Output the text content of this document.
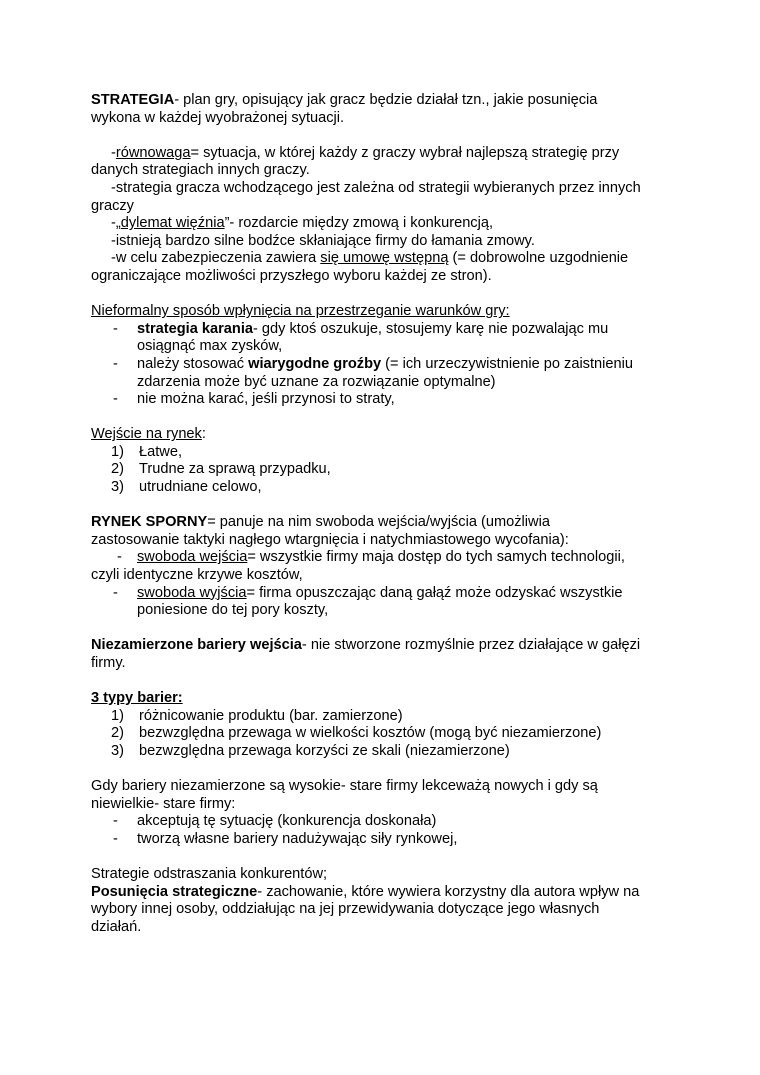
STRATEGIA- plan gry, opisujący jak gracz będzie działał tzn., jakie posunięcia

wykona w każdej wyobrażonej sytuacji.

-równowaga= sytuacja, w której każdy z graczy wybrał najlepszą strategię przy

danych strategiach innych graczy.

-strategia gracza wchodzącego jest zależna od strategii wybieranych przez innych

graczy

-„dylemat więźnia”- rozdarcie między zmową i konkurencją,

-istnieją bardzo silne bodźce skłaniające firmy do łamania zmowy.

-w celu zabezpieczenia zawiera się umowę wstępną (= dobrowolne uzgodnienie

ograniczające możliwości przyszłego wyboru każdej ze stron).

Nieformalny sposób wpłynięcia na przestrzeganie warunków gry:

- strategia karania- gdy ktoś oszukuje, stosujemy karę nie pozwalając mu
osiągnąć max zysków,
- należy stosować wiarygodne groźby (= ich urzeczywistnienie po zaistnieniu
zdarzenia może być uznane za rozwiązanie optymalne)
- nie można karać, jeśli przynosi to straty,

Wejście na rynek:

1) Łatwe,
2) Trudne za sprawą przypadku,
3) utrudniane celowo,

RYNEK SPORNY= panuje na nim swoboda wejścia/wyjścia (umożliwia

zastosowanie taktyki nagłego wtargnięcia i natychmiastowego wycofania):

- swoboda wejścia= wszystkie firmy maja dostęp do tych samych technologii,

czyli identyczne krzywe kosztów,

- swoboda wyjścia= firma opuszczając daną gałąź może odzyskać wszystkie
poniesione do tej pory koszty,

Niezamierzone bariery wejścia- nie stworzone rozmyślnie przez działające w gałęzi

firmy.

3 typy barier:

1) różnicowanie produktu (bar. zamierzone)
2) bezwzględna przewaga w wielkości kosztów (mogą być niezamierzone)
3) bezwzględna przewaga korzyści ze skali (niezamierzone)

Gdy bariery niezamierzone są wysokie- stare firmy lekceważą nowych i gdy są

niewielkie- stare firmy:

- akceptują tę sytuację (konkurencja doskonała)
- tworzą własne bariery nadużywając siły rynkowej,

Strategie odstraszania konkurentów;

Posunięcia strategiczne- zachowanie, które wywiera korzystny dla autora wpływ na

wybory innej osoby, oddziałując na jej przewidywania dotyczące jego własnych

działań.
